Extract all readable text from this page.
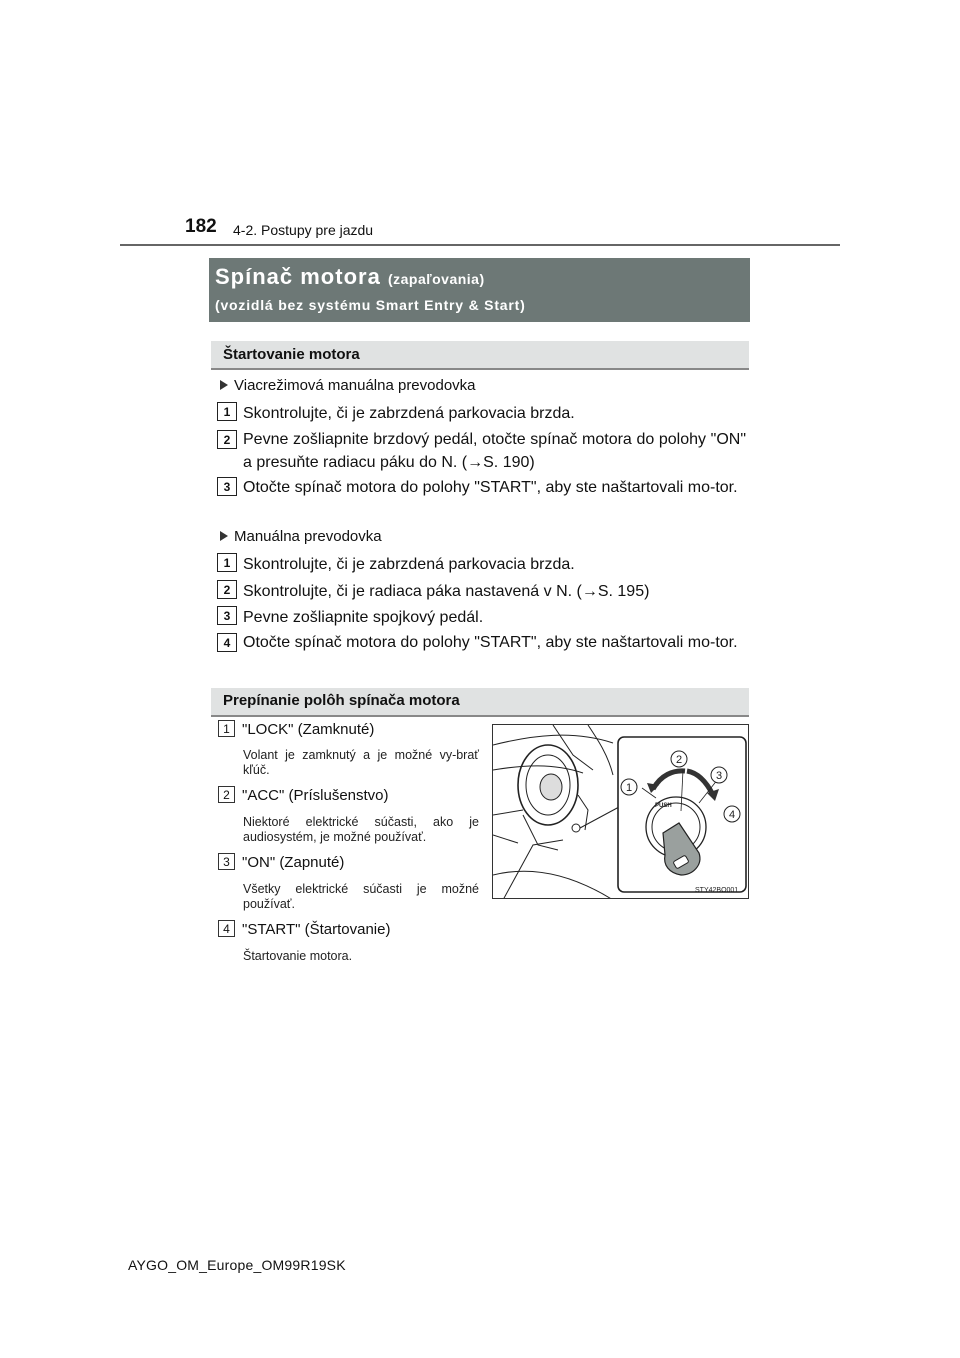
182 4-2. Postupy pre jazdu
Spínač motora (zapaľovania)
(vozidlá bez systému Smart Entry & Start)
Štartovanie motora
Viacrežimová manuálna prevodovka
1 Skontrolujte, či je zabrzdená parkovacia brzda.
2 Pevne zošliapnite brzdový pedál, otočte spínač motora do polohy "ON" a presuňte radiacu páku do N. (→S. 190)
3 Otočte spínač motora do polohy "START", aby ste naštartovali mo-tor.
Manuálna prevodovka
1 Skontrolujte, či je zabrzdená parkovacia brzda.
2 Skontrolujte, či je radiaca páka nastavená v N. (→S. 195)
3 Pevne zošliapnite spojkový pedál.
4 Otočte spínač motora do polohy "START", aby ste naštartovali mo-tor.
Prepínanie polôh spínača motora
1 "LOCK" (Zamknuté)
Volant je zamknutý a je možné vy-brať kľúč.
2 "ACC" (Príslušenstvo)
Niektoré elektrické súčasti, ako je audiosystém, je možné používať.
3 "ON" (Zapnuté)
Všetky elektrické súčasti je možné používať.
4 "START" (Štartovanie)
Štartovanie motora.
PUSH
1
2
3
4
STY42BO001
AYGO_OM_Europe_OM99R19SK
